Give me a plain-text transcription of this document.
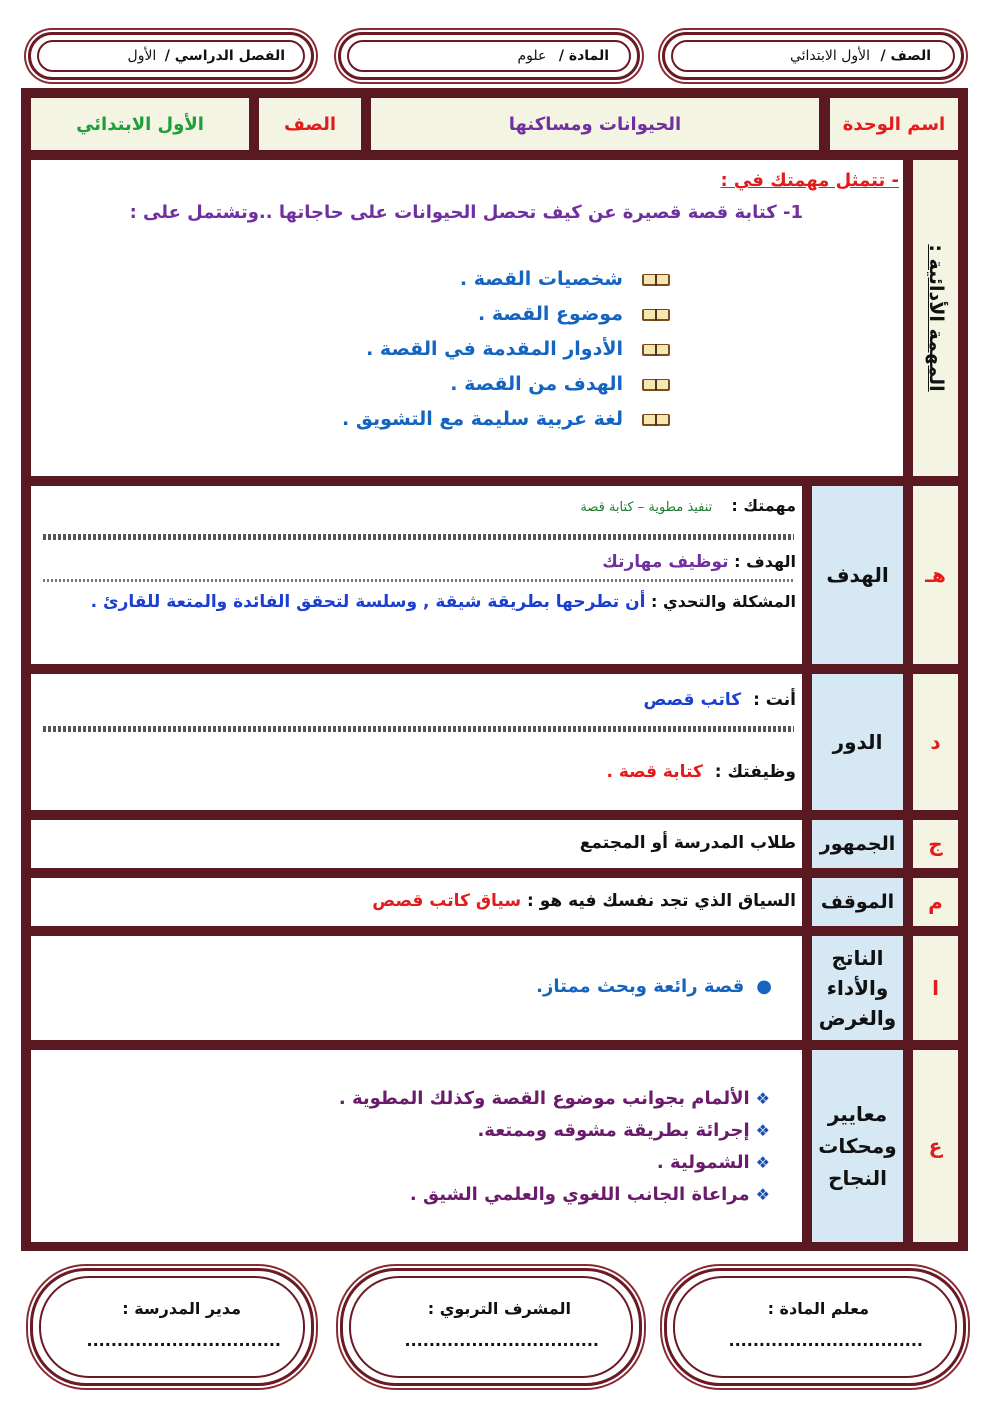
الصف / الأول الابتدائي
المادة / علوم
الفصل الدراسي / الأول
اسم الوحدة
الحيوانات ومساكنها
الصف
الأول الابتدائي
المهمة الأدائية :
- تتمثل مهمتك في :
1- كتابة قصة قصيرة عن كيف تحصل الحيوانات على حاجاتها ..وتشتمل على :
شخصيات القصة .
موضوع القصة .
الأدوار المقدمة في القصة .
الهدف من القصة .
لغة عربية سليمة مع التشويق .
هـ
الهدف
مهمتك : تنفيذ مطوية – كتابة قصة
الهدف : توظيف مهارتك
المشكلة والتحدي : أن تطرحها بطريقة شيقة , وسلسة لتحقق الفائدة والمتعة للقارئ .
د
الدور
أنت : كاتب قصص
وظيفتك : كتابة قصة .
ج
الجمهور
طلاب المدرسة أو المجتمع
م
الموقف
السياق الذي تجد نفسك فيه هو : سياق كاتب قصص
ا
الناتج
والأداء
والغرض
●قصة رائعة وبحث ممتاز.
ع
معايير
ومحكات
النجاح
❖الألمام بجوانب موضوع القصة وكذلك المطوية .
❖إجرائة بطريقة مشوقه وممتعة.
❖الشمولية .
❖مراعاة الجانب اللغوي والعلمي الشيق .
معلم المادة :
................................
المشرف التربوي :
................................
مدير المدرسة :
................................
